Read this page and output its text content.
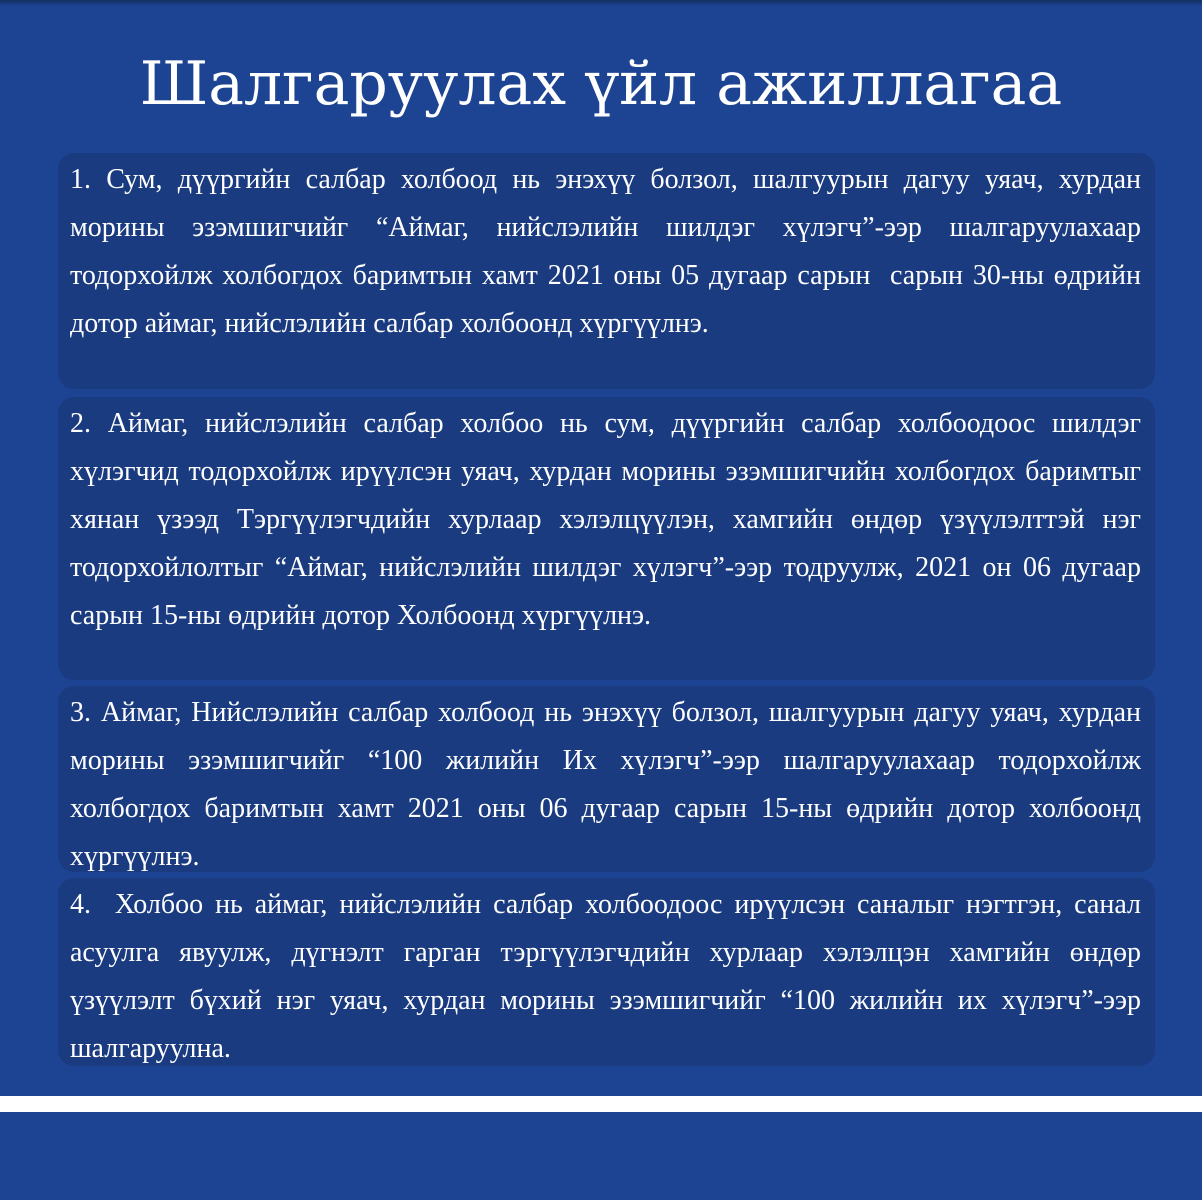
Шалгаруулах үйл ажиллагаа

1. Сум, дүүргийн салбар холбоод нь энэхүү болзол, шалгуурын дагуу уяач, хурдан морины эзэмшигчийг “Аймаг, нийслэлийн шилдэг хүлэгч”-ээр шалгаруулахаар тодорхойлж холбогдох баримтын хамт 2021 оны 05 дугаар сарын  сарын 30-ны өдрийн дотор аймаг, нийслэлийн салбар холбоонд хүргүүлнэ.

2. Аймаг, нийслэлийн салбар холбоо нь сум, дүүргийн салбар холбоодоос шилдэг хүлэгчид тодорхойлж ирүүлсэн уяач, хурдан морины эзэмшигчийн холбогдох баримтыг хянан үзээд Тэргүүлэгчдийн хурлаар хэлэлцүүлэн, хамгийн өндөр үзүүлэлттэй нэг тодорхойлолтыг “Аймаг, нийслэлийн шилдэг хүлэгч”-ээр тодруулж, 2021 он 06 дугаар сарын 15-ны өдрийн дотор Холбоонд хүргүүлнэ.

3. Аймаг, Нийслэлийн салбар холбоод нь энэхүү болзол, шалгуурын дагуу уяач, хурдан морины эзэмшигчийг “100 жилийн Их хүлэгч”-ээр шалгаруулахаар тодорхойлж холбогдох баримтын хамт 2021 оны 06 дугаар сарын 15-ны өдрийн дотор холбоонд хүргүүлнэ.

4.  Холбоо нь аймаг, нийслэлийн салбар холбоодоос ирүүлсэн саналыг нэгтгэн, санал асуулга явуулж, дүгнэлт гарган тэргүүлэгчдийн хурлаар хэлэлцэн хамгийн өндөр үзүүлэлт бүхий нэг уяач, хурдан морины эзэмшигчийг “100 жилийн их хүлэгч”-ээр шалгаруулна.
